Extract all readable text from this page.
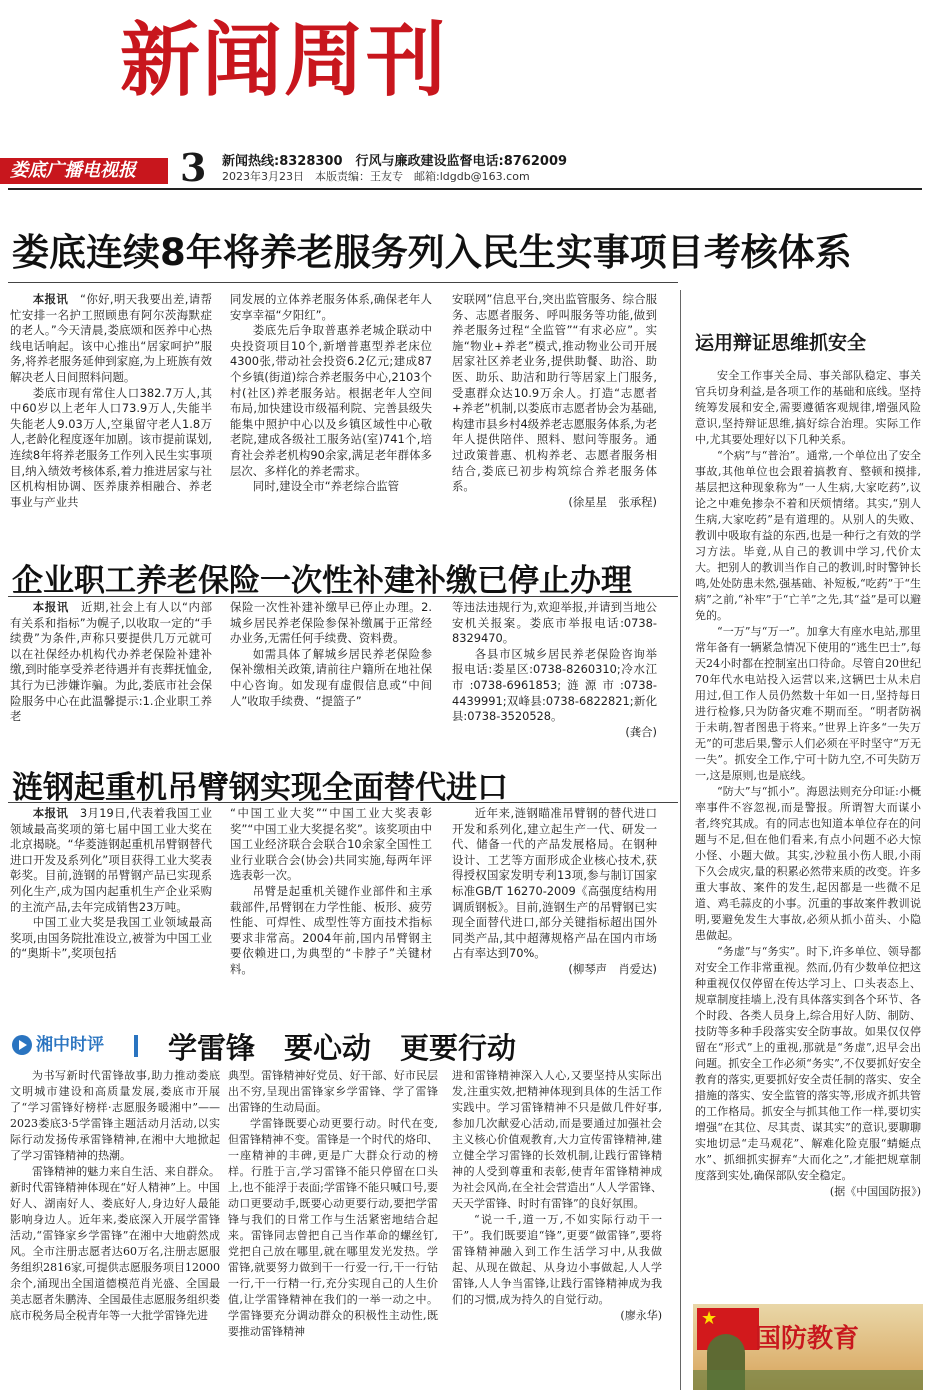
新闻周刊
娄底广播电视报	3 新闻热线:8328300　行风与廉政建设监督电话:8762009
2023年3月23日　本版责编：王友专　邮箱:ldgdb@163.com
娄底连续8年将养老服务列入民生实事项目考核体系

本报讯　 “你好,明天我要出差,请帮忙安排一名护工照顾患有阿尔茨海默症的老人。”今天清晨,娄底颂和医养中心热线电话响起。该中心推出“居家呵护”服务,将养老服务延伸到家庭,为上班族有效解决老人日间照料问题。

娄底市现有常住人口382.7万人,其中60岁以上老年人口73.9万人,失能半失能老人9.03万人,空巢留守老人1.8万人,老龄化程度逐年加剧。该市提前谋划,连续8年将养老服务工作列入民生实事项目,纳入绩效考核体系,着力推进居家与社区机构相协调、医养康养相融合、养老事业与产业共

同发展的立体养老服务体系,确保老年人安享幸福“夕阳红”。

娄底先后争取普惠养老城企联动中央投资项目10个,新增普惠型养老床位4300张,带动社会投资6.2亿元;建成87个乡镇(街道)综合养老服务中心,2103个村(社区)养老服务站。根据老年人空间布局,加快建设市级福利院、完善县级失能集中照护中心以及乡镇区域性中心敬老院,建成各级社工服务站(室)741个,培育社会养老机构90余家,满足老年群体多层次、多样化的养老需求。

同时,建设全市“养老综合监管

安联网”信息平台,突出监管服务、综合服务、志愿者服务、呼叫服务等功能,做到养老服务过程“全监管”“有求必应”。实施“物业+养老”模式,推动物业公司开展居家社区养老业务,提供助餐、助浴、助医、助乐、助洁和助行等居家上门服务,受惠群众达10.9万余人。打造“志愿者+养老”机制,以娄底市志愿者协会为基础,构建市县乡村4级养老志愿服务体系,为老年人提供陪伴、照料、慰问等服务。通过政策普惠、机构养老、志愿者服务相结合,娄底已初步构筑综合养老服务体系。

(徐星星　张承程)
企业职工养老保险一次性补建补缴已停止办理

本报讯　 近期,社会上有人以“内部有关系和指标”为幌子,以收取一定的“手续费”为条件,声称只要提供几万元就可以在社保经办机构代办养老保险补建补缴,到时能享受养老待遇并有丧葬抚恤金,其行为已涉嫌诈骗。为此,娄底市社会保险服务中心在此温馨提示:1.企业职工养老

保险一次性补建补缴早已停止办理。2.城乡居民养老保险参保补缴属于正常经办业务,无需任何手续费、资料费。

如需具体了解城乡居民养老保险参保补缴相关政策,请前往户籍所在地社保中心咨询。如发现有虚假信息或“中间人”收取手续费、“提篮子”

等违法违规行为,欢迎举报,并请到当地公安机关报案。娄底市举报电话:0738-8329470。

各县市区城乡居民养老保险咨询举报电话:娄星区:0738-8260310;冷水江市:0738-6961853;涟源市:0738-4439991;双峰县:0738-6822821;新化县:0738-3520528。

(龚合)
涟钢起重机吊臂钢实现全面替代进口

本报讯　 3月19日,代表着我国工业领域最高奖项的第七届中国工业大奖在北京揭晓。“华菱涟钢起重机吊臂钢替代进口开发及系列化”项目获得工业大奖表彰奖。目前,涟钢的吊臂钢产品已实现系列化生产,成为国内起重机生产企业采购的主流产品,去年完成销售23万吨。

中国工业大奖是我国工业领域最高奖项,由国务院批准设立,被誉为中国工业的“奥斯卡”,奖项包括

“中国工业大奖”“中国工业大奖表彰奖”“中国工业大奖提名奖”。该奖项由中国工业经济联合会联合10余家全国性工业行业联合会(协会)共同实施,每两年评选表彰一次。

吊臂是起重机关键作业部件和主承载部件,吊臂钢在力学性能、板形、疲劳性能、可焊性、成型性等方面技术指标要求非常高。2004年前,国内吊臂钢主要依赖进口,为典型的“卡脖子”关键材料。

近年来,涟钢瞄准吊臂钢的替代进口开发和系列化,建立起生产一代、研发一代、储备一代的产品发展格局。在钢种设计、工艺等方面形成企业核心技术,获得授权国家发明专利13项,参与制订国家标准GB/T 16270-2009《高强度结构用调质钢板》。目前,涟钢生产的吊臂钢已实现全面替代进口,部分关键指标超出国外同类产品,其中超薄规格产品在国内市场占有率达到70%。

(柳琴声　肖爱达)
湘中时评 学雷锋　要心动　更要行动

为书写新时代雷锋故事,助力推动娄底文明城市建设和高质量发展,娄底市开展了“学习雷锋好榜样·志愿服务暖湘中”——2023娄底3·5学雷锋主题活动月活动,以实际行动发扬传承雷锋精神,在湘中大地掀起了学习雷锋精神的热潮。

雷锋精神的魅力来自生活、来自群众。新时代雷锋精神体现在“好人精神”上。中国好人、湖南好人、娄底好人,身边好人最能影响身边人。近年来,娄底深入开展学雷锋活动,“雷锋家乡学雷锋”在湘中大地蔚然成风。全市注册志愿者达60万名,注册志愿服务组织2816家,可提供志愿服务项目12000余个,涌现出全国道德模范肖光盛、全国最美志愿者朱鹏涛、全国最佳志愿服务组织娄底市税务局全税青年等一大批学雷锋先进

典型。雷锋精神好党员、好干部、好市民层出不穷,呈现出雷锋家乡学雷锋、学了雷锋出雷锋的生动局面。

学雷锋既要心动更要行动。时代在变,但雷锋精神不变。雷锋是一个时代的烙印、一座精神的丰碑,更是广大群众行动的榜样。行胜于言,学习雷锋不能只停留在口头上,也不能浮于表面;学雷锋不能只喊口号,要动口更要动手,既要心动更要行动,要把学雷锋与我们的日常工作与生活紧密地结合起来。雷锋同志曾把自己当作革命的螺丝钉,党把自己放在哪里,就在哪里发光发热。学雷锋,就要努力做到干一行爱一行,干一行钻一行,干一行精一行,充分实现自己的人生价值,让学雷锋精神在我们的一举一动之中。学雷锋要充分调动群众的积极性主动性,既要推动雷锋精神

进和雷锋精神深入人心,又要坚持从实际出发,注重实效,把精神体现到具体的生活工作实践中。学习雷锋精神不只是做几件好事,参加几次献爱心活动,而是要通过加强社会主义核心价值观教育,大力宣传雷锋精神,建立健全学习雷锋的长效机制,让践行雷锋精神的人受到尊重和表彰,使青年雷锋精神成为社会风尚,在全社会营造出“人人学雷锋、天天学雷锋、时时有雷锋”的良好氛围。

“说一千,道一万,不如实际行动干一干”。我们既要追“锋”,更要“做雷锋”,要将雷锋精神融入到工作生活学习中,从我做起、从现在做起、从身边小事做起,人人学雷锋,人人争当雷锋,让践行雷锋精神成为我们的习惯,成为持久的自觉行动。

(廖永华)
运用辩证思维抓安全

安全工作事关全局、事关部队稳定、事关官兵切身利益,是各项工作的基础和底线。坚持统筹发展和安全,需要遵循客观规律,增强风险意识,坚持辩证思维,搞好综合治理。实际工作中,尤其要处理好以下几种关系。

“个病”与“普治”。通常,一个单位出了安全事故,其他单位也会跟着搞教育、整顿和摸排,基层把这种现象称为“一人生病,大家吃药”,议论之中难免掺杂不着和厌烦情绪。其实,“别人生病,大家吃药”是有道理的。从别人的失败、教训中吸取有益的东西,也是一种行之有效的学习方法。毕竟,从自己的教训中学习,代价太大。把别人的教训当作自己的教训,时时警钟长鸣,处处防患未然,强基础、补短板,“吃药”于“生病”之前,“补牢”于“亡羊”之先,其“益”是可以避免的。

“一万”与“万一”。加拿大有座水电站,那里常年备有一辆紧急情况下使用的“逃生巴士”,每天24小时都在控制室出口待命。尽管自20世纪70年代水电站投入运营以来,这辆巴士从未启用过,但工作人员仍然数十年如一日,坚持每日进行检修,只为防备灾难不期而至。“明者防祸于未萌,智者图患于将来。”世界上许多“一失万无”的可悲后果,警示人们必须在平时坚守“万无一失”。抓安全工作,宁可十防九空,不可失防万一,这是原则,也是底线。

“防大”与“抓小”。海恩法则充分印证:小概率事件不容忽视,而是警报。所谓智大而谋小者,终究其成。有的同志也知道本单位存在的问题与不足,但在他们看来,有点小问题不必大惊小怪、小题大做。其实,沙粒虽小伤人眼,小雨下久会成灾,量的积累必然带来质的改变。许多重大事故、案件的发生,起因都是一些微不足道、鸡毛蒜皮的小事。沉重的事故案件教训说明,要避免发生大事故,必须从抓小苗头、小隐患做起。

“务虚”与“务实”。时下,许多单位、领导都对安全工作非常重视。然而,仍有少数单位把这种重视仅仅停留在传达学习上、口头表态上、规章制度挂墙上,没有具体落实到各个环节、各个时段、各类人员身上,综合用好人防、制防、技防等多种手段落实安全防事故。如果仅仅停留在“形式”上的重视,那就是“务虚”,迟早会出问题。抓安全工作必须“务实”,不仅要抓好安全教育的落实,更要抓好安全责任制的落实、安全措施的落实、安全监管的落实等,形成齐抓共管的工作格局。抓安全与抓其他工作一样,要切实增强“在其位、尽其责、谋其实”的意识,要聊聊实地切忌“走马观花”、解难化险克服“蜻蜓点水”、抓细抓实摒弃“大而化之”,才能把规章制度落到实处,确保部队安全稳定。

(据《中国国防报》)
★
国防教育
